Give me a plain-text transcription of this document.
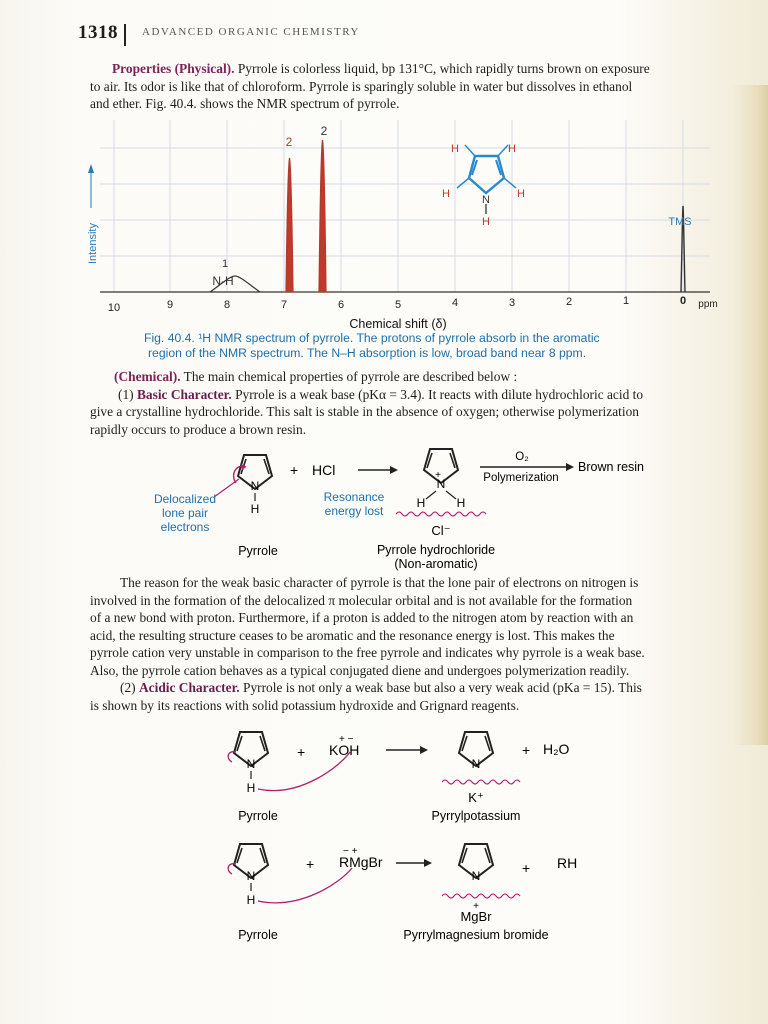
1318 ADVANCED ORGANIC CHEMISTRY
Properties (Physical). Pyrrole is colorless liquid, bp 131°C, which rapidly turns brown on exposure
to air. Its odor is like that of chloroform. Pyrrole is sparingly soluble in water but dissolves in ethanol
and ether. Fig. 40.4. shows the NMR spectrum of pyrrole.
Intensity
2
2
1
N-H
TMS
H	H
H	H
N
H
10	9	8	7	6	5	4	3	2	1	0 ppm
Chemical shift (δ)
Fig. 40.4. ¹H NMR spectrum of pyrrole. The protons of pyrrole absorb in the aromatic
region of the NMR spectrum. The N–H absorption is low, broad band near 8 ppm.
(Chemical). The main chemical properties of pyrrole are described below :
(1) Basic Character. Pyrrole is a weak base (pKα = 3.4). It reacts with dilute hydrochloric acid to
give a crystalline hydrochloride. This salt is stable in the absence of oxygen; otherwise polymerization
rapidly occurs to produce a brown resin.
N
H
+ HCl	+
N
H	H
Cl⁻
O₂
Polymerization
Brown resin
Delocalized
lone pair
electrons
Resonance
energy lost
Pyrrole	Pyrrole hydrochloride
(Non-aromatic)
The reason for the weak basic character of pyrrole is that the lone pair of electrons on nitrogen is
involved in the formation of the delocalized π molecular orbital and is not available for the formation
of a new bond with proton. Furthermore, if a proton is added to the nitrogen atom by reaction with an
acid, the resulting structure ceases to be aromatic and the resonance energy is lost. This makes the
pyrrole cation very unstable in comparison to the free pyrrole and indicates why pyrrole is a weak base.
Also, the pyrrole cation behaves as a typical conjugated diene and undergoes polymerization readily.
(2) Acidic Character. Pyrrole is not only a weak base but also a very weak acid (pKa = 15). This
is shown by its reactions with solid potassium hydroxide and Grignard reagents.
N
H
+
+ −
KOH
N
K⁺
+ H₂O
Pyrrole	Pyrrylpotassium
N
H
+
− +
RMgBr
N
+
MgBr
+ RH
Pyrrole	Pyrrylmagnesium bromide
